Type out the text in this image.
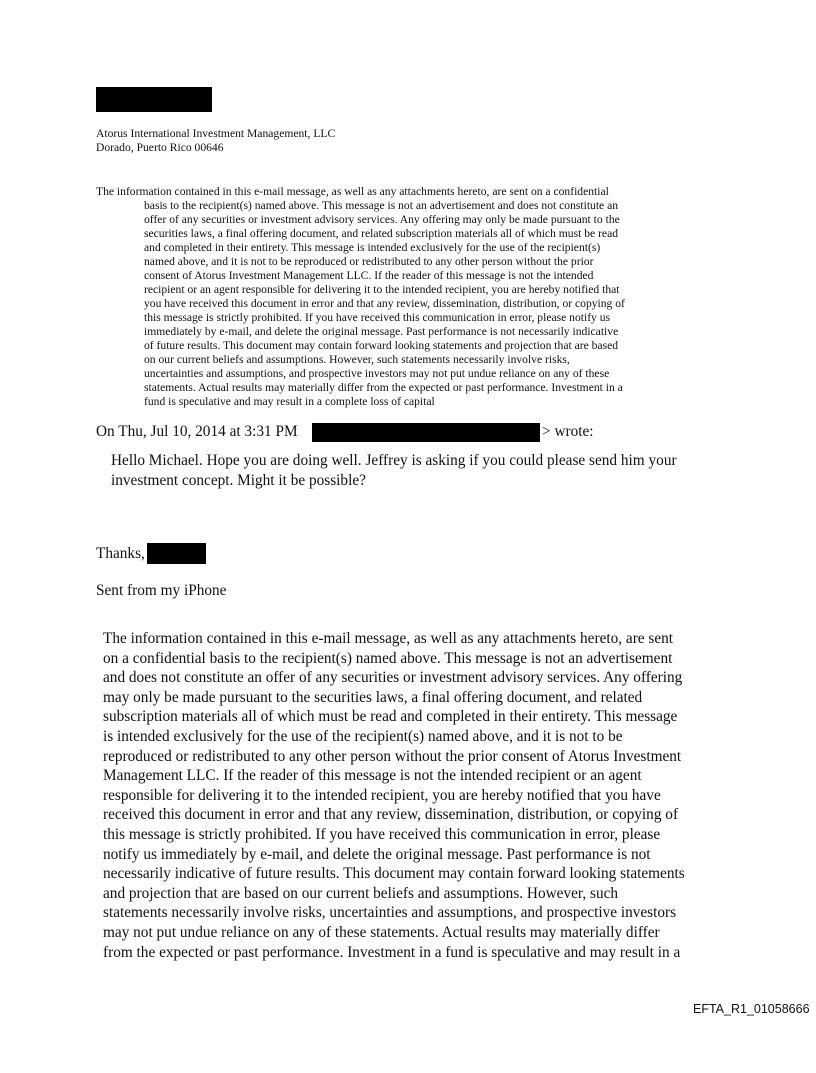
Atorus International Investment Management, LLC
Dorado, Puerto Rico 00646
The information contained in this e-mail message, as well as any attachments hereto, are sent on a confidential
basis to the recipient(s) named above. This message is not an advertisement and does not constitute an
offer of any securities or investment advisory services. Any offering may only be made pursuant to the
securities laws, a final offering document, and related subscription materials all of which must be read
and completed in their entirety. This message is intended exclusively for the use of the recipient(s)
named above, and it is not to be reproduced or redistributed to any other person without the prior
consent of Atorus Investment Management LLC. If the reader of this message is not the intended
recipient or an agent responsible for delivering it to the intended recipient, you are hereby notified that
you have received this document in error and that any review, dissemination, distribution, or copying of
this message is strictly prohibited. If you have received this communication in error, please notify us
immediately by e-mail, and delete the original message. Past performance is not necessarily indicative
of future results. This document may contain forward looking statements and projection that are based
on our current beliefs and assumptions. However, such statements necessarily involve risks,
uncertainties and assumptions, and prospective investors may not put undue reliance on any of these
statements. Actual results may materially differ from the expected or past performance. Investment in a
fund is speculative and may result in a complete loss of capital
On Thu, Jul 10, 2014 at 3:31 PM	> wrote:
Hello Michael. Hope you are doing well. Jeffrey is asking if you could please send him your
investment concept. Might it be possible?
Thanks,
Sent from my iPhone
The information contained in this e-mail message, as well as any attachments hereto, are sent
on a confidential basis to the recipient(s) named above. This message is not an advertisement
and does not constitute an offer of any securities or investment advisory services. Any offering
may only be made pursuant to the securities laws, a final offering document, and related
subscription materials all of which must be read and completed in their entirety. This message
is intended exclusively for the use of the recipient(s) named above, and it is not to be
reproduced or redistributed to any other person without the prior consent of Atorus Investment
Management LLC. If the reader of this message is not the intended recipient or an agent
responsible for delivering it to the intended recipient, you are hereby notified that you have
received this document in error and that any review, dissemination, distribution, or copying of
this message is strictly prohibited. If you have received this communication in error, please
notify us immediately by e-mail, and delete the original message. Past performance is not
necessarily indicative of future results. This document may contain forward looking statements
and projection that are based on our current beliefs and assumptions. However, such
statements necessarily involve risks, uncertainties and assumptions, and prospective investors
may not put undue reliance on any of these statements. Actual results may materially differ
from the expected or past performance. Investment in a fund is speculative and may result in a
EFTA_R1_01058666
